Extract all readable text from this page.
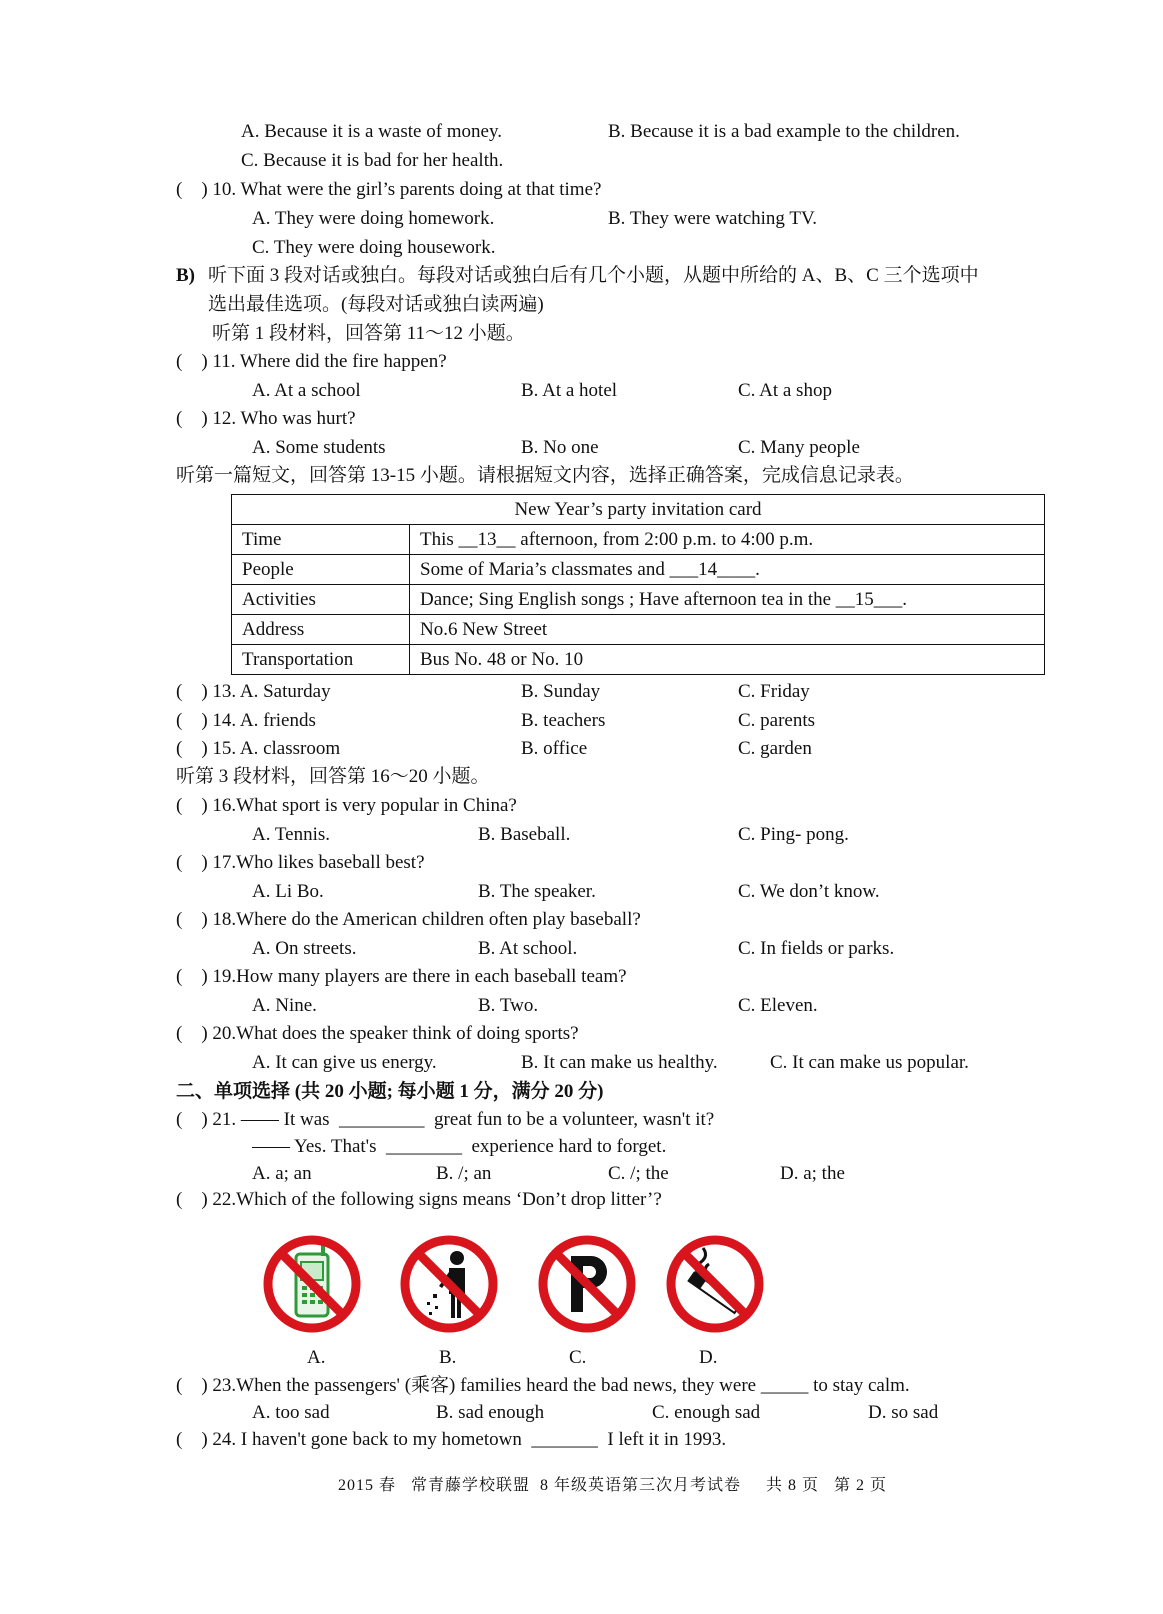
A. Because it is a waste of money.	B. Because it is a bad example to the children.
C. Because it is bad for her health.
(    ) 10. What were the girl’s parents doing at that time?
A. They were doing homework.	B. They were watching TV.
C. They were doing housework.
B) 听下面 3 段对话或独白。每段对话或独白后有几个小题，从题中所给的 A、B、C 三个选项中
选出最佳选项。(每段对话或独白读两遍)
听第 1 段材料，回答第 11～12 小题。
(    ) 11. Where did the fire happen?
A. At a school	B. At a hotel	C. At a shop
(    ) 12. Who was hurt?
A. Some students	B. No one	C. Many people
听第一篇短文，回答第 13-15 小题。请根据短文内容，选择正确答案，完成信息记录表。
New Year’s party invitation card	
Time	This __13__ afternoon, from 2:00 p.m. to 4:00 p.m.
People	Some of Maria’s classmates and ___14____.
Activities	Dance; Sing English songs ; Have afternoon tea in the __15___.
Address	No.6 New Street
Transportation	Bus No. 48 or No. 10
(    ) 13. A. Saturday	B. Sunday	C. Friday
(    ) 14. A. friends	B. teachers	C. parents
(    ) 15. A. classroom	B. office	C. garden
听第 3 段材料，回答第 16～20 小题。
(    ) 16.What sport is very popular in China?
A. Tennis.	B. Baseball.	C. Ping- pong.
(    ) 17.Who likes baseball best?
A. Li Bo.	B. The speaker.	C. We don’t know.
(    ) 18.Where do the American children often play baseball?
A. On streets.	B. At school.	C. In fields or parks.
(    ) 19.How many players are there in each baseball team?
A. Nine.	B. Two.	C. Eleven.
(    ) 20.What does the speaker think of doing sports?
A. It can give us energy.	B. It can make us healthy.	C. It can make us popular.
二、单项选择 (共 20 小题; 每小题 1 分，满分 20 分)
(    ) 21. —— It was  _________  great fun to be a volunteer, wasn't it?
—— Yes. That's  ________  experience hard to forget.
A. a; an	B. /; an	C. /; the	D. a; the
(    ) 22.Which of the following signs means ‘Don’t drop litter’?
A.	B.	C.	D.
(    ) 23.When the passengers' (乘客) families heard the bad news, they were _____ to stay calm.
A. too sad	B. sad enough	C. enough sad	D. so sad
(    ) 24. I haven't gone back to my hometown  _______  I left it in 1993.
2015 春   常青藤学校联盟  8 年级英语第三次月考试卷     共 8 页   第 2 页
